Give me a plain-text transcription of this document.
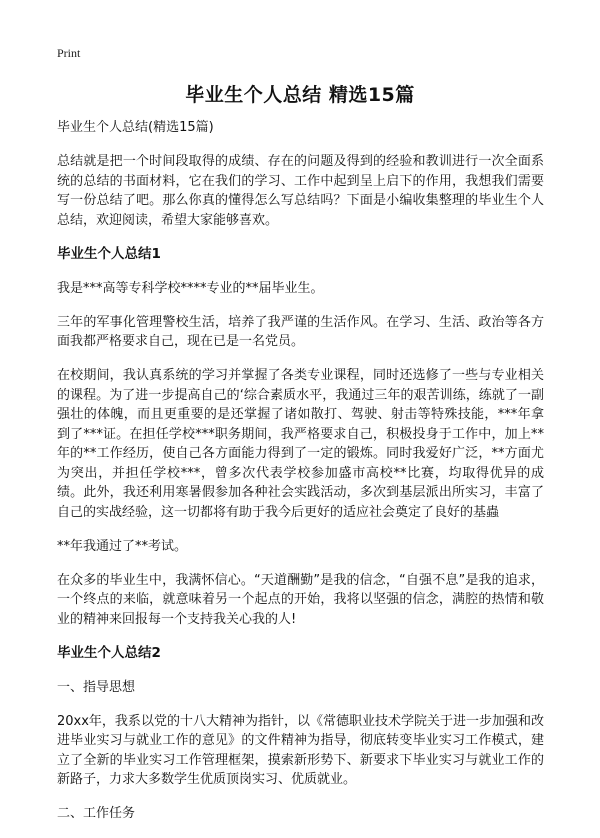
Print
毕业生个人总结 精选15篇

毕业生个人总结(精选15篇)

总结就是把一个时间段取得的成绩、存在的问题及得到的经验和教训进行一次全面系统的总结的书面材料，它在我们的学习、工作中起到呈上启下的作用，我想我们需要写一份总结了吧。那么你真的懂得怎么写总结吗？下面是小编收集整理的毕业生个人总结，欢迎阅读，希望大家能够喜欢。

毕业生个人总结1

我是***高等专科学校****专业的**届毕业生。

三年的军事化管理警校生活，培养了我严谨的生活作风。在学习、生活、政治等各方面我都严格要求自己，现在已是一名党员。

在校期间，我认真系统的学习并掌握了各类专业课程，同时还选修了一些与专业相关的课程。为了进一步提高自己的‘综合素质水平，我通过三年的艰苦训练，练就了一副强壮的体魄，而且更重要的是还掌握了诸如散打、驾驶、射击等特殊技能，***年拿到了***证。在担任学校***职务期间，我严格要求自己，积极投身于工作中，加上**年的**工作经历，使自己各方面能力得到了一定的锻炼。同时我爱好广泛，**方面尤为突出，并担任学校***，曾多次代表学校参加盛市高校**比赛，均取得优异的成绩。此外，我还利用寒暑假参加各种社会实践活动，多次到基层派出所实习，丰富了自己的实战经验，这一切都将有助于我今后更好的适应社会奠定了良好的基蟲

**年我通过了**考试。

在众多的毕业生中，我满怀信心。“天道酬勤”是我的信念，“自强不息”是我的追求，一个终点的来临，就意味着另一个起点的开始，我将以坚强的信念，满腔的热情和敬业的精神来回报每一个支持我关心我的人!

毕业生个人总结2

一、指导思想

20xx年，我系以党的十八大精神为指针，以《常德职业技术学院关于进一步加强和改进毕业实习与就业工作的意见》的文件精神为指导，彻底转变毕业实习工作模式，建立了全新的毕业实习工作管理框架，摸索新形势下、新要求下毕业实习与就业工作的新路子，力求大多数学生优质顶岗实习、优质就业。

二、工作任务
